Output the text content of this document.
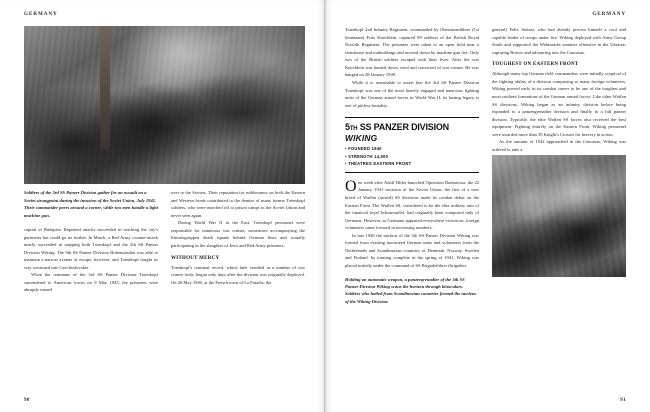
GERMANY

Soldiers of the 3rd SS Panzer Division gather for an assault on a Soviet strongpoint during the invasion of the Soviet Union, July 1941. Their commander peers around a corner, while two men handle a light machine gun.

capital of Budapest. Repeated attacks succeeded in reaching the city's perimeter but could go no further. In March, a Red Army counter-attack nearly succeeded in trapping both Totenkopf and the 5th SS Panzer Division Wiking. The 9th SS Panzer Division Hohenstaufen was able to maintain a narrow avenue of escape, however, and Totenkopf fought its way westward into Czechoslovakia.

When the remnants of the 3rd SS Panzer Division Totenkopf surrendered to American forces on 9 May 1945, the prisoners were abruptly turned

over to the Soviets. Their reputation for ruthlessness on both the Eastern and Western fronts contributed to the demise of many former Totenkopf soldiers, who were marched off to prison camps in the Soviet Union and never seen again.

During World War II in the East, Totenkopf personnel were responsible for numerous war crimes, sometimes accompanying the Einsatzgruppen death squads behind German lines and actually participating in the slaughter of Jews and Red Army prisoners.

WITHOUT MERCY

Totenkopf's criminal record, which later resulted in a number of war crimes trials, began only days after the division was originally deployed. On 26 May 1940, at the French town of La Paradis, the

90
GERMANY

Totenkopf 2nd Infantry Regiment, commanded by Obersturmführer (1st lieutenant) Fritz Knöchlein, captured 99 soldiers of the British Royal Norfolk Regiment. The prisoners were taken to an open field near a farmhouse and outbuildings and mowed down by machine gun fire. Only two of the British soldiers escaped with their lives. After the war Knöchlein was hunted down, tried and convicted of war crimes. He was hanged on 28 January 1949.

While it is reasonable to assert that the 3rd SS Panzer Division Totenkopf was one of the most heavily engaged and tenacious fighting units of the German armed forces in World War II, its lasting legacy is one of pitiless brutality.

5TH SS PANZER DIVISION

WIKING

• FOUNDED 1940
• STRENGTH 14,500
• THEATRES EASTERN FRONT

One week after Adolf Hitler launched Operation Barbarossa, the 22 January 1941 invasion of the Soviet Union, the first of a new breed of Waffen (armed) SS divisions made its combat debut on the Eastern Front. The Waffen SS, considered to be the elite military arm of the fanatical loyal Schutzstaffel, had originally been composed only of Germans. However, as Germany appeared everywhere victorious, foreign volunteers came forward in increasing numbers.

In late 1940 the nucleus of the 5th SS Panzer Division Wiking was formed from existing motorized German units and volunteers from the Netherlands and Scandinavian countries of Denmark, Norway, Sweden and Finland. Its training complete in the spring of 1941, Wiking was placed initially under the command of SS Brigadeführer (brigadier

Holding an automatic weapon, a panzergrenadier of the 5th SS Panzer Division Wiking scans the horizon through binoculars. Soldiers who hailed from Scandinavian countries formed the nucleus of the Wiking Division.

general) Felix Steiner, who had already proven himself a cool and capable leader of troops under fire. Wiking deployed with Army Group South and supported the Wehrmacht summer offensive in the Ukraine, capturing Rostov and advancing into the Caucasus.

TOUGHEST ON EASTERN FRONT

Although many top German field commanders were initially sceptical of the fighting ability of a division comprising so many foreign volunteers, Wiking proved early in its combat career to be one of the toughest and most resilient formations of the German armed forces. Like other Waffen SS divisions, Wiking began as an infantry division before being expanded to a panzergrenadier division and finally to a full panzer division. Typically, the elite Waffen SS forces also received the best equipment. Fighting entirely on the Eastern Front, Wiking personnel were awarded more than 50 Knight's Crosses for bravery in action.

As the autumn of 1942 approached in the Caucasus, Wiking was ordered to take a

91
